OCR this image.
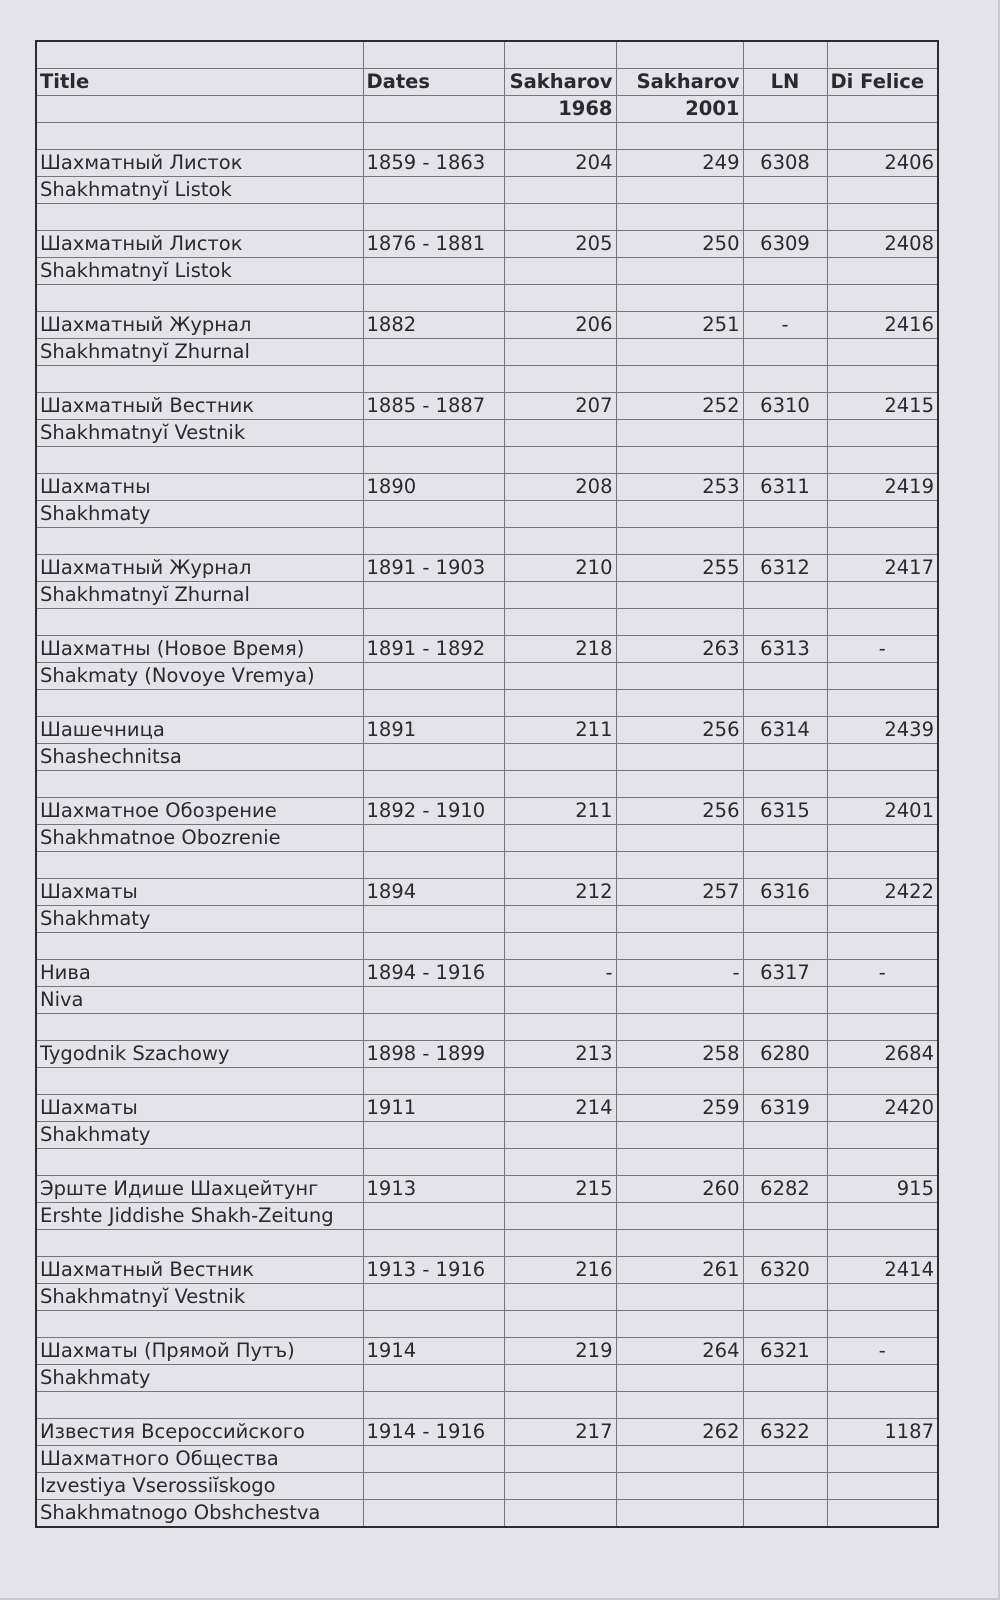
Title	Dates	Sakharov	Sakharov	LN	Di Felice
		1968	2001		

Шахматный Листок	1859 - 1863	204	249	6308	2406
Shakhmatnyĭ Listok					

Шахматный Листок	1876 - 1881	205	250	6309	2408
Shakhmatnyĭ Listok					

Шахматный Журнал	1882	206	251	-	2416
Shakhmatnyĭ Zhurnal					

Шахматный Вестник	1885 - 1887	207	252	6310	2415
Shakhmatnyĭ Vestnik					

Шахматны	1890	208	253	6311	2419
Shakhmaty					

Шахматный Журнал	1891 - 1903	210	255	6312	2417
Shakhmatnyĭ Zhurnal					

Шахматны (Новое Время)	1891 - 1892	218	263	6313	-
Shakmaty (Novoye Vremya)					

Шашечница	1891	211	256	6314	2439
Shashechnitsa					

Шахматное Обозрение	1892 - 1910	211	256	6315	2401
Shakhmatnoe Obozrenie					

Шахматы	1894	212	257	6316	2422
Shakhmaty					

Нива	1894 - 1916	-	-	6317	-
Niva					

Tygodnik Szachowy	1898 - 1899	213	258	6280	2684

Шахматы	1911	214	259	6319	2420
Shakhmaty					

Эрште Идише Шахцейтунг	1913	215	260	6282	915
Ershte Jiddishe Shakh-Zeitung					

Шахматный Вестник	1913 - 1916	216	261	6320	2414
Shakhmatnyĭ Vestnik					

Шахматы (Прямой Путъ)	1914	219	264	6321	-
Shakhmaty					

Известия Всероссийского	1914 - 1916	217	262	6322	1187
Шахматного Общества					
Izvestiya Vserossiĭskogo					
Shakhmatnogo Obshchestva					
